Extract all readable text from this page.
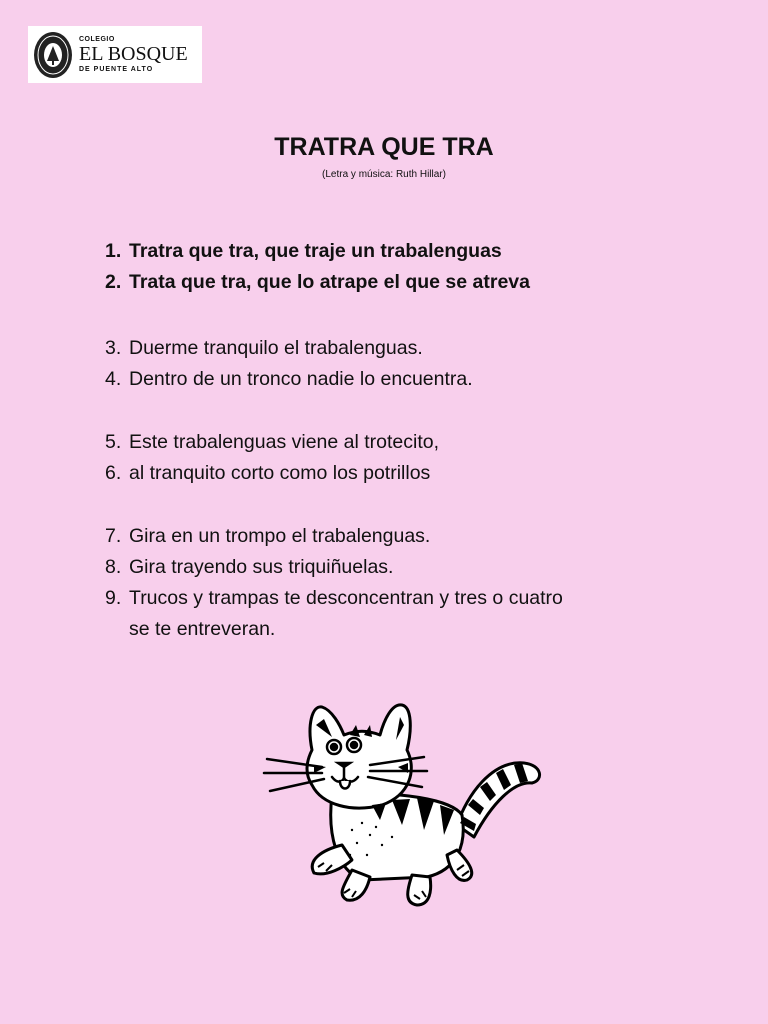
COLEGIO
EL BOSQUE
DE PUENTE ALTO
TRATRA QUE TRA
(Letra y música: Ruth Hillar)
1. Tratra que tra, que traje un trabalenguas
2. Trata que tra, que lo atrape el que se atreva
3. Duerme tranquilo el trabalenguas.
4. Dentro de un tronco nadie lo encuentra.
5. Este trabalenguas viene al trotecito,
6. al tranquito corto como los potrillos
7. Gira en un trompo el trabalenguas.
8. Gira trayendo sus triquiñuelas.
9. Trucos y trampas te desconcentran y tres o cuatro
se te entreveran.
